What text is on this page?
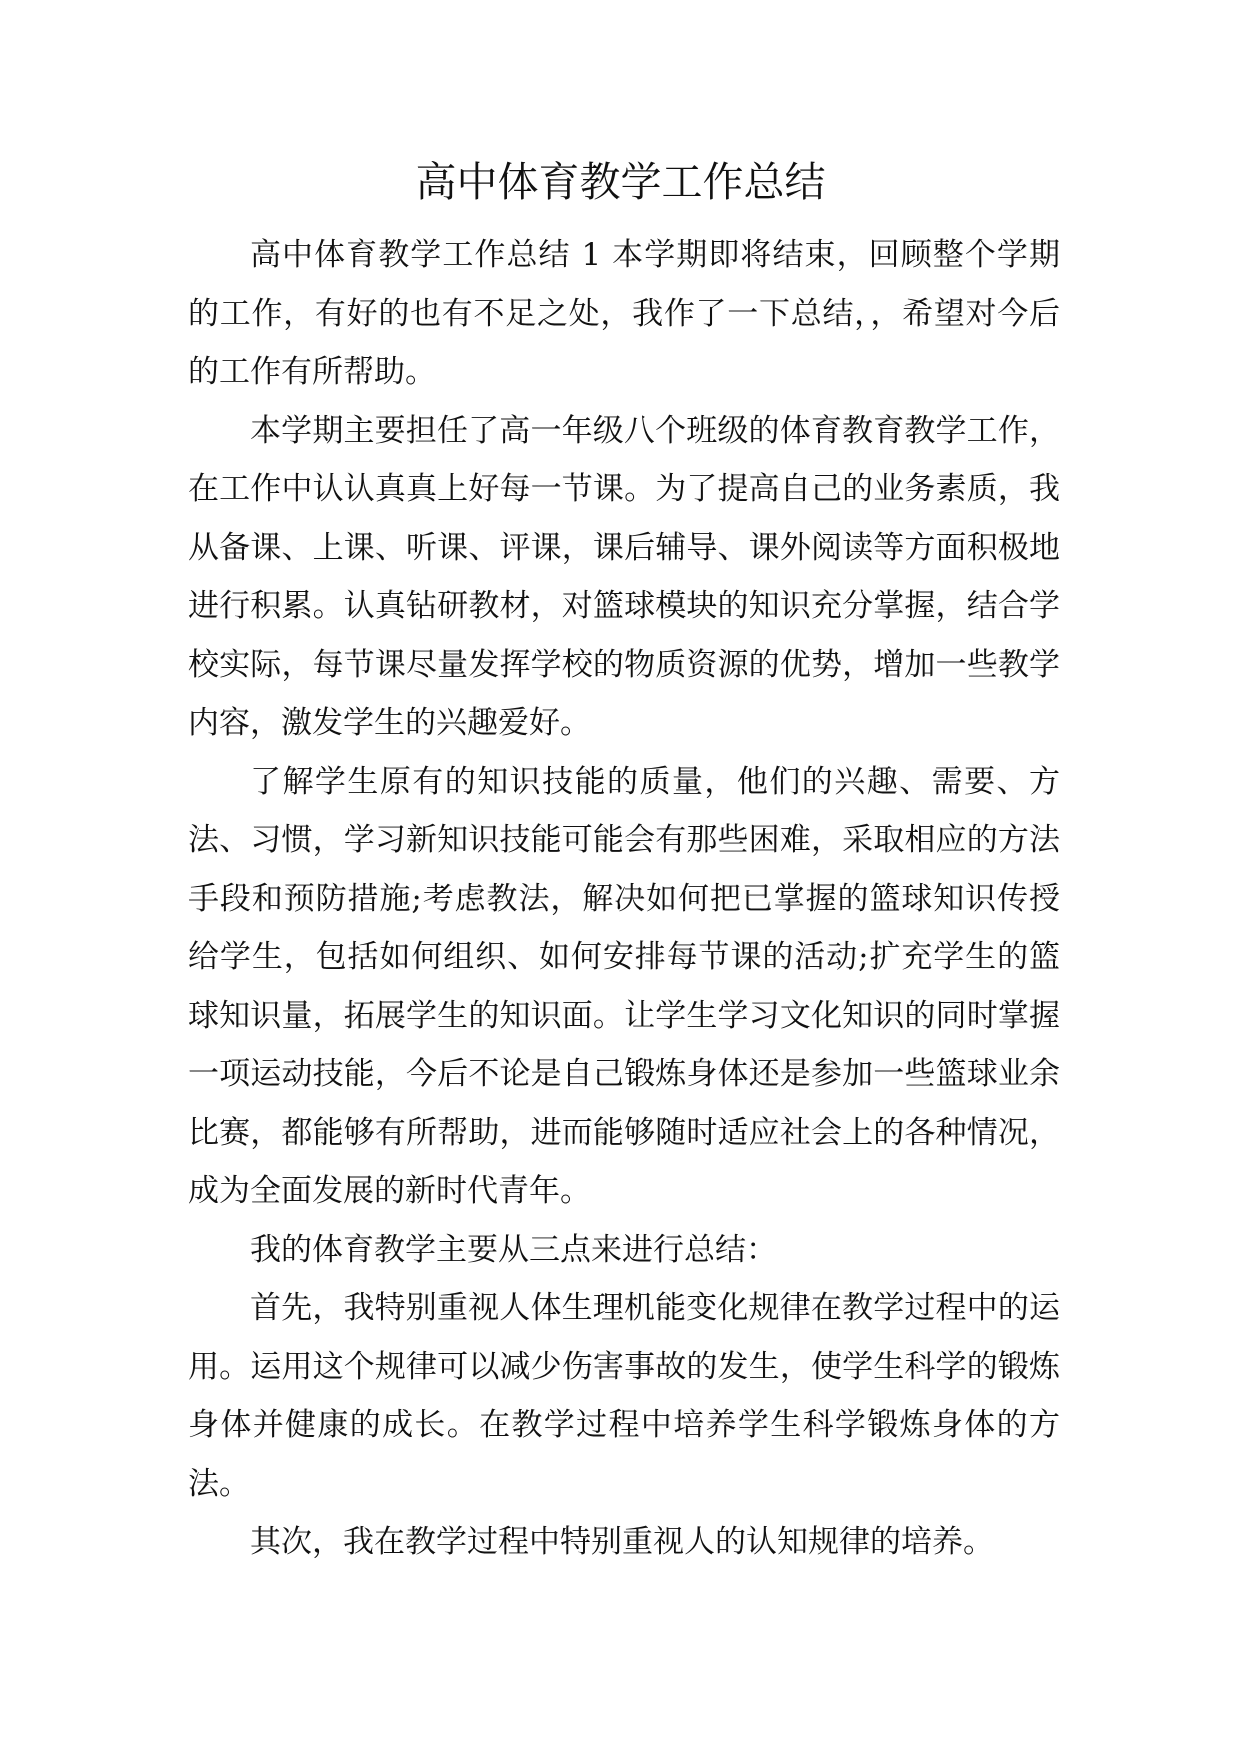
高中体育教学工作总结

高中体育教学工作总结 1 本学期即将结束，回顾整个学期的工作，有好的也有不足之处，我作了一下总结，，希望对今后的工作有所帮助。

本学期主要担任了高一年级八个班级的体育教育教学工作，在工作中认认真真上好每一节课。为了提高自己的业务素质，我从备课、上课、听课、评课，课后辅导、课外阅读等方面积极地进行积累。认真钻研教材，对篮球模块的知识充分掌握，结合学校实际，每节课尽量发挥学校的物质资源的优势，增加一些教学内容，激发学生的兴趣爱好。

了解学生原有的知识技能的质量，他们的兴趣、需要、方法、习惯，学习新知识技能可能会有那些困难，采取相应的方法手段和预防措施;考虑教法，解决如何把已掌握的篮球知识传授给学生，包括如何组织、如何安排每节课的活动;扩充学生的篮球知识量，拓展学生的知识面。让学生学习文化知识的同时掌握一项运动技能，今后不论是自己锻炼身体还是参加一些篮球业余比赛，都能够有所帮助，进而能够随时适应社会上的各种情况，成为全面发展的新时代青年。

我的体育教学主要从三点来进行总结：

首先，我特别重视人体生理机能变化规律在教学过程中的运用。运用这个规律可以减少伤害事故的发生，使学生科学的锻炼身体并健康的成长。在教学过程中培养学生科学锻炼身体的方法。

其次，我在教学过程中特别重视人的认知规律的培养。
